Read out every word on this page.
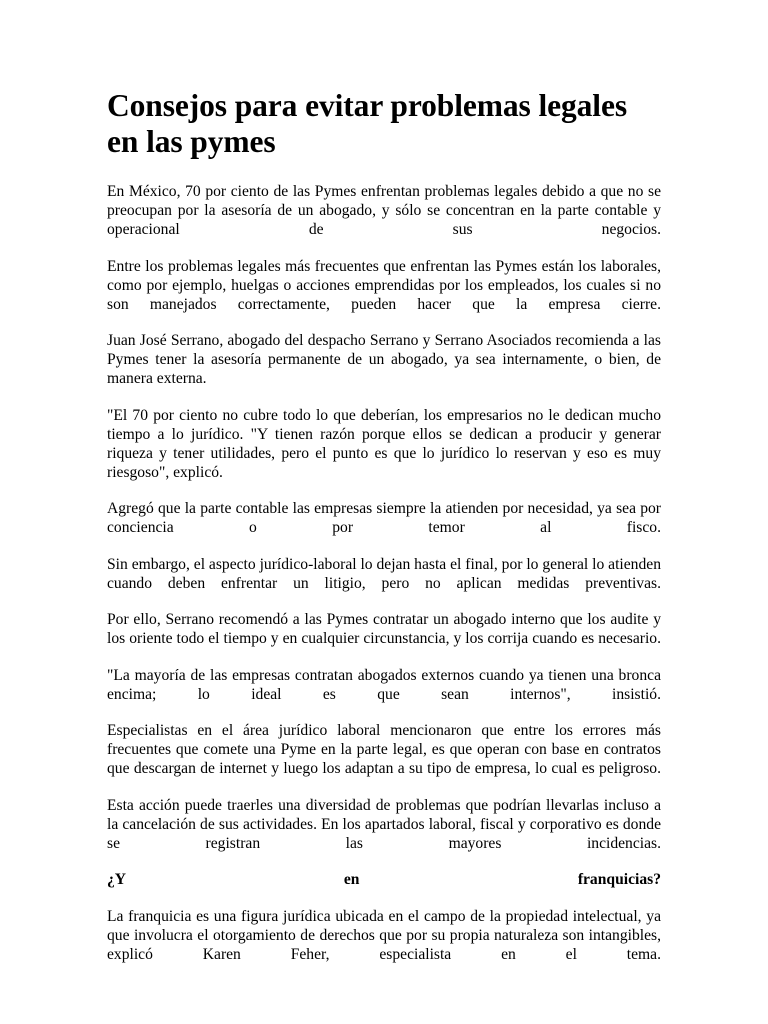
Consejos para evitar problemas legales en las pymes

En México, 70 por ciento de las Pymes enfrentan problemas legales debido a que no se preocupan por la asesoría de un abogado, y sólo se concentran en la parte contable y operacional de sus negocios.

Entre los problemas legales más frecuentes que enfrentan las Pymes están los laborales, como por ejemplo, huelgas o acciones emprendidas por los empleados, los cuales si no son manejados correctamente, pueden hacer que la empresa cierre.

Juan José Serrano, abogado del despacho Serrano y Serrano Asociados recomienda a las Pymes tener la asesoría permanente de un abogado, ya sea internamente, o bien, de manera externa.

"El 70 por ciento no cubre todo lo que deberían, los empresarios no le dedican mucho tiempo a lo jurídico. "Y tienen razón porque ellos se dedican a producir y generar riqueza y tener utilidades, pero el punto es que lo jurídico lo reservan y eso es muy riesgoso", explicó.

Agregó que la parte contable las empresas siempre la atienden por necesidad, ya sea por conciencia o por temor al fisco.

Sin embargo, el aspecto jurídico-laboral lo dejan hasta el final, por lo general lo atienden cuando deben enfrentar un litigio, pero no aplican medidas preventivas.

Por ello, Serrano recomendó a las Pymes contratar un abogado interno que los audite y los oriente todo el tiempo y en cualquier circunstancia, y los corrija cuando es necesario.

"La mayoría de las empresas contratan abogados externos cuando ya tienen una bronca encima; lo ideal es que sean internos", insistió.

Especialistas en el área jurídico laboral mencionaron que entre los errores más frecuentes que comete una Pyme en la parte legal, es que operan con base en contratos que descargan de internet y luego los adaptan a su tipo de empresa, lo cual es peligroso.

Esta acción puede traerles una diversidad de problemas que podrían llevarlas incluso a la cancelación de sus actividades. En los apartados laboral, fiscal y corporativo es donde se registran las mayores incidencias.

¿Y en franquicias?

La franquicia es una figura jurídica ubicada en el campo de la propiedad intelectual, ya que involucra el otorgamiento de derechos que por su propia naturaleza son intangibles, explicó Karen Feher, especialista en el tema.
